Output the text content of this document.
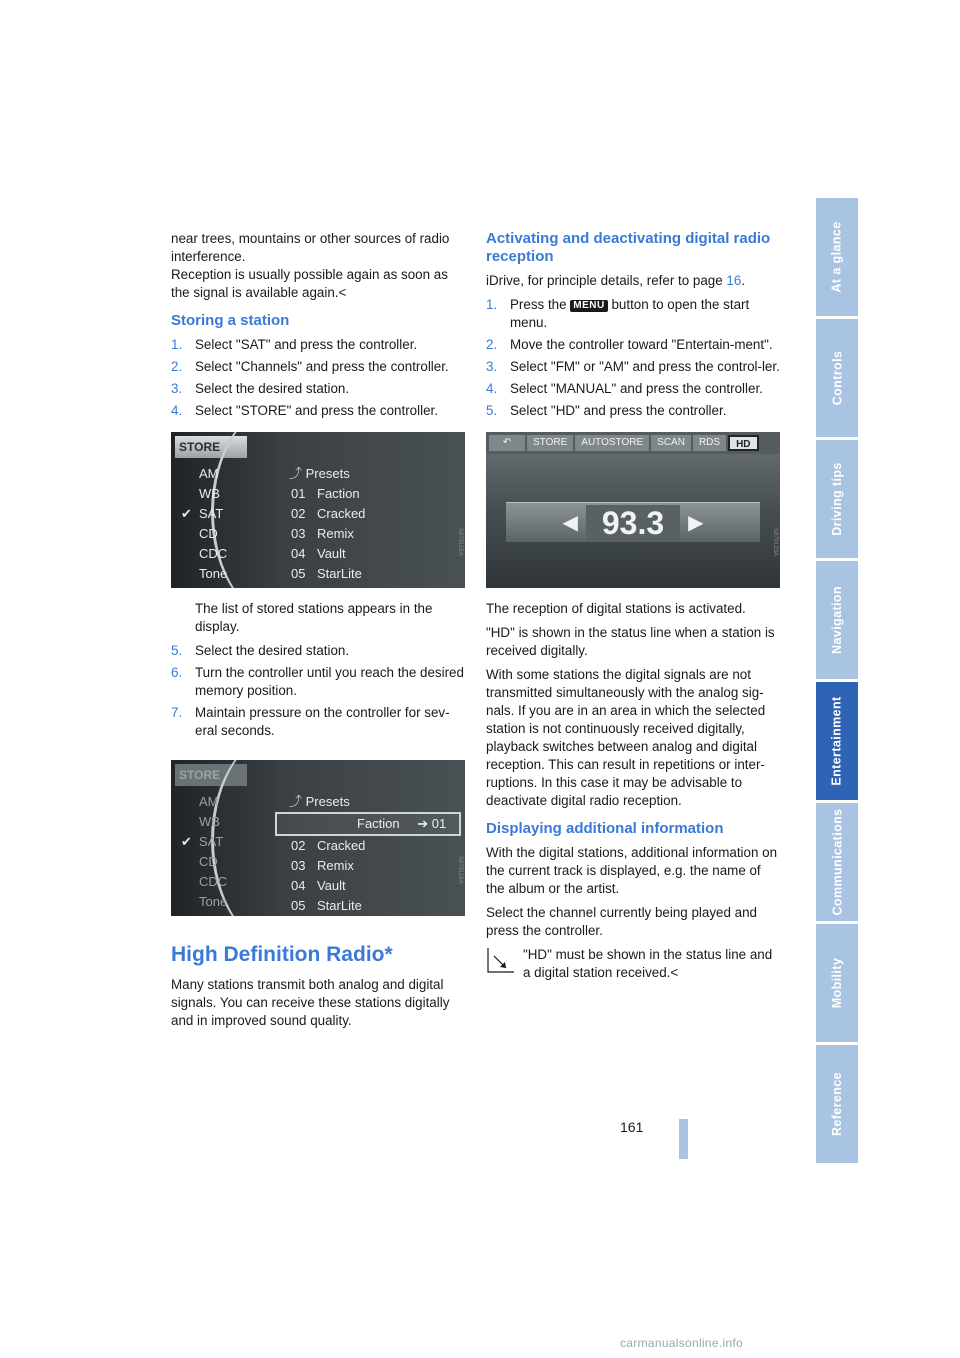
near trees, mountains or other sources of radio interference.

Reception is usually possible again as soon as the signal is available again.<

Storing a station
1. Select "SAT" and press the controller.
2. Select "Channels" and press the controller.
3. Select the desired station.
4. Select "STORE" and press the controller.
STORE
AM
WB
✔ SAT
CD
CDC
Tone
⤴ Presets
01 Faction
02 Cracked
03 Remix
04 Vault
05 StarLite
S870115A
The list of stored stations appears in the display.
5. Select the desired station.
6. Turn the controller until you reach the desired memory position.
7. Maintain pressure on the controller for sev-eral seconds.
STORE
AM
WB
✔ SAT
CD
CDC
Tone
⤴ Presets
Faction ➔ 01
02 Cracked
03 Remix
04 Vault
05 StarLite
S870116A
High Definition Radio*

Many stations transmit both analog and digital signals. You can receive these stations digitally and in improved sound quality.

Activating and deactivating digital radio reception

iDrive, for principle details, refer to page 16.

1. Press the MENU button to open the start menu.
2. Move the controller toward "Entertain-ment".
3. Select "FM" or "AM" and press the control-ler.
4. Select "MANUAL" and press the controller.
5. Select "HD" and press the controller.
↶	STORE	AUTOSTORE	SCAN	RDS	HD
◀ 93.3	▶
S870123A

The reception of digital stations is activated.

"HD" is shown in the status line when a station is received digitally.

With some stations the digital signals are not transmitted simultaneously with the analog sig-nals. If you are in an area in which the selected station is not continuously received digitally, playback switches between analog and digital reception. This can result in repetitions or inter-ruptions. In this case it may be advisable to deactivate digital radio reception.

Displaying additional information

With the digital stations, additional information on the current track is displayed, e.g. the name of the album or the artist.

Select the channel currently being played and press the controller.

"HD" must be shown in the status line and a digital station received.<

At a glance
Controls
Driving tips
Navigation
Entertainment
Communications
Mobility
Reference
161
carmanualsonline.info
